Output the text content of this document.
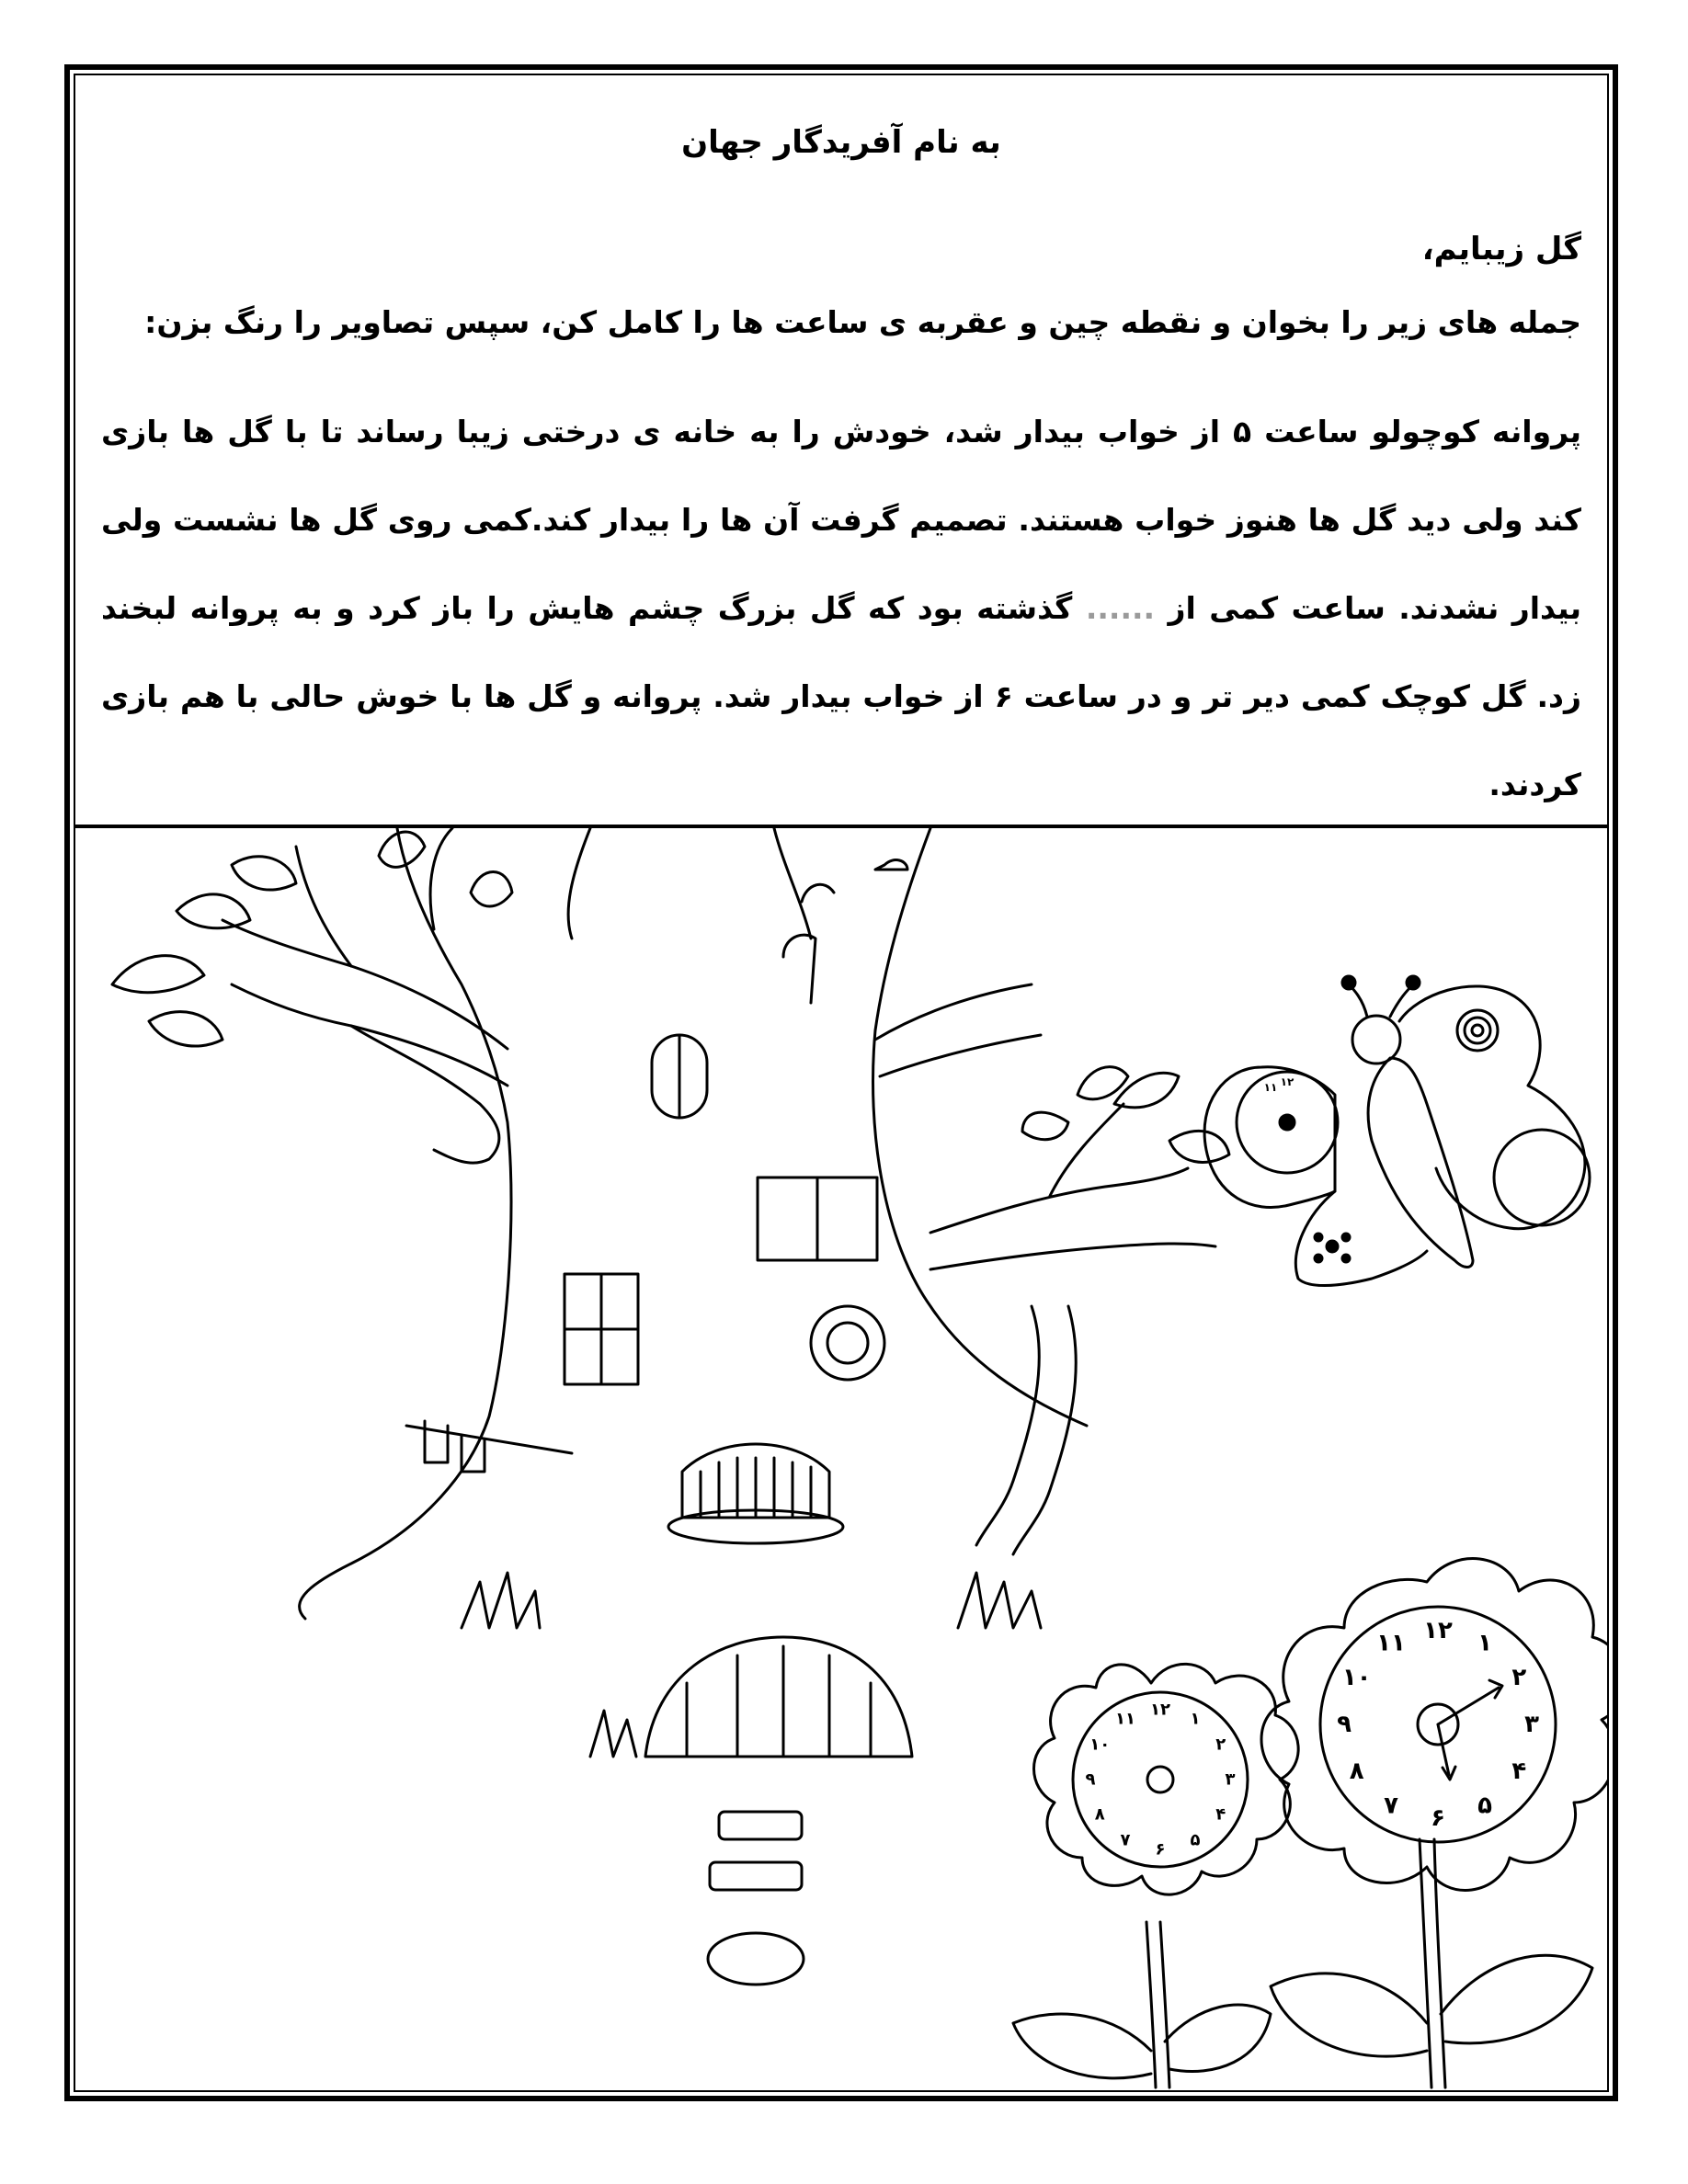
به نام آفریدگار جهان
گل زیبایم،
جمله های زیر را بخوان و نقطه چین و عقربه ی ساعت ها را کامل کن، سپس تصاویر را رنگ بزن:
پروانه کوچولو ساعت ۵ از خواب بیدار شد، خودش را به خانه ی درختی زیبا رساند تا با گل ها بازی کند ولی دید گل ها هنوز خواب هستند. تصمیم گرفت آن ها را بیدار کند.کمی روی گل ها نشست ولی بیدار نشدند. ساعت کمی از ...... گذشته بود که گل بزرگ چشم هایش را باز کرد و به پروانه لبخند زد. گل کوچک کمی دیر تر و در ساعت ۶ از خواب بیدار شد. پروانه و گل ها با خوش حالی با هم بازی کردند.
۱۲ ۱
۲
۳
۴
۵
۶
۷
۸
۹
۱۰
۱۱
۱۲ ۱
۲
۳
۴
۵
۶
۷
۸
۹
۱۰
۱۱
۱۱ ۱۲
